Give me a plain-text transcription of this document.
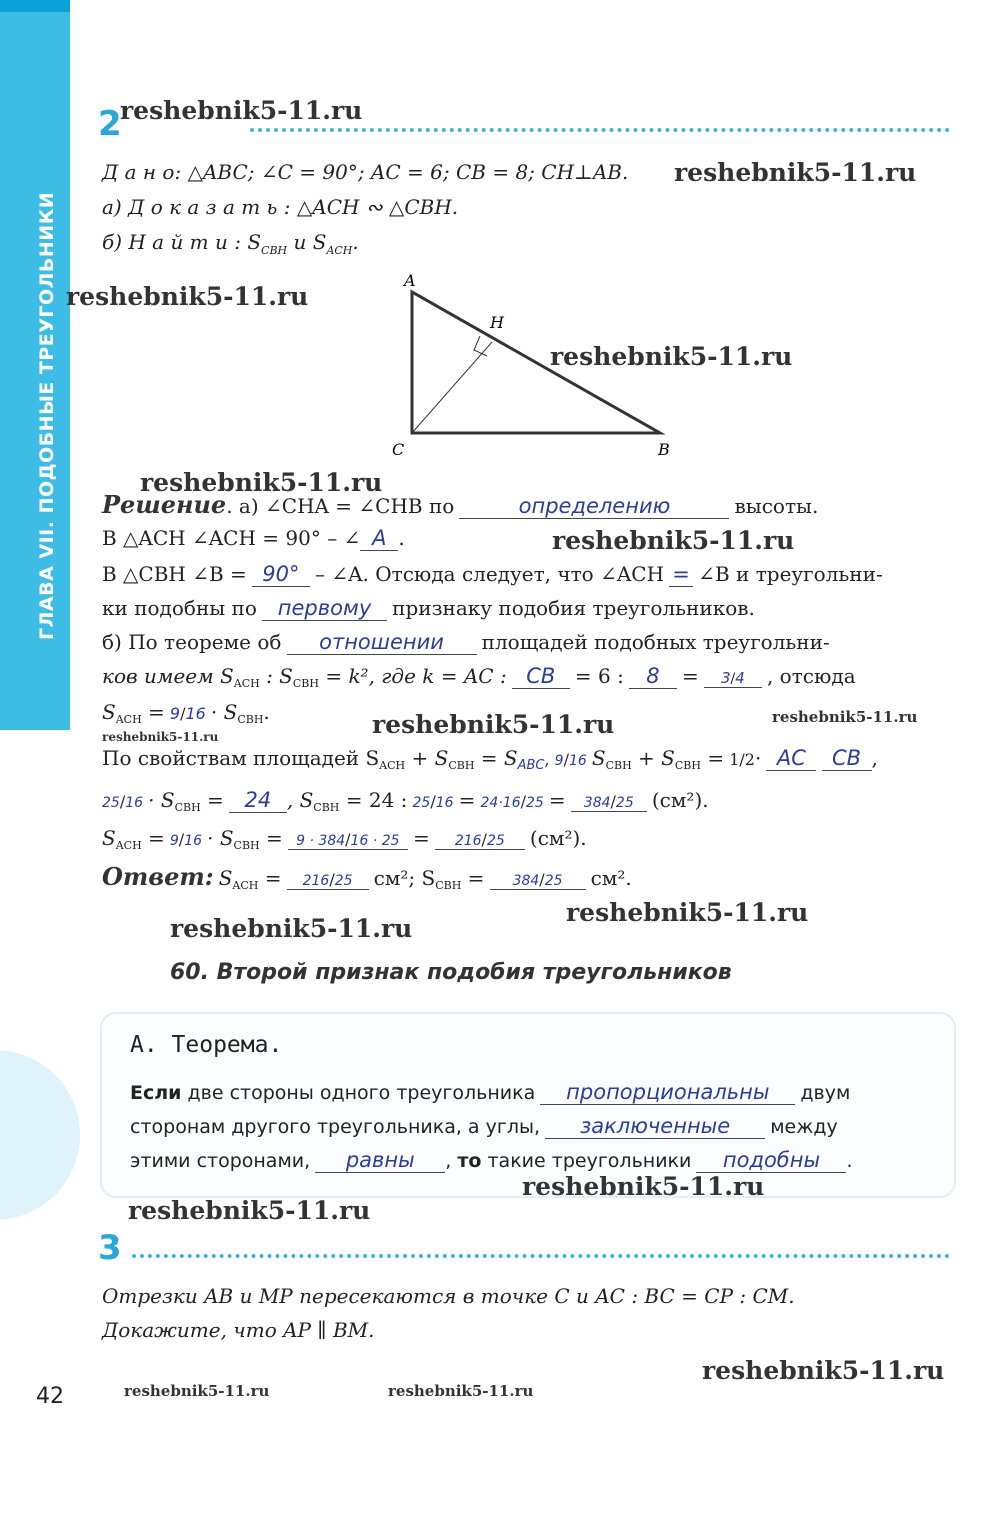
ГЛАВА VII. ПОДОБНЫЕ ТРЕУГОЛЬНИКИ
2
reshebnik5-11.ru
Д а н о: △ABC; ∠C = 90°; AC = 6; CB = 8; CH⊥AB. reshebnik5-11.ru
а) Д о к а з а т ь : △ACH ∾ △CBH.
б) Н а й т и : $S_{CBH}$ и $S_{ACH}$.
reshebnik5-11.ru
reshebnik5-11.ru
A
H
C	B
reshebnik5-11.ru
Решение. а) ∠CHA = ∠CHB по	определению	высоты.
В △ACH ∠ACH = 90° – ∠ A .	reshebnik5-11.ru
В △CBH ∠B = 90° – ∠A. Отсюда следует, что ∠ACH = ∠B и треугольни-
ки подобны по первому признаку подобия треугольников.
б) По теореме об отношении площадей подобных треугольни-
ков имеем $S_{ACH}$ : $S_{CBH} = k^2$, где k = AC : CB = 6 : 8 = 3/4 , отсюда
$S_{ACH} = 9/16 \cdot S_{CBH}$.	reshebnik5-11.ru	reshebnik5-11.ru
reshebnik5-11.ru
По свойствам площадей $S_{ACH} + S_{CBH} = S_{ABC}$, 9/16 $S_{CBH} + S_{CBH} = 1/2\cdot$ AC CB ,
$25/16 \cdot S_{CBH} = 24$ , $S_{CBH} = 24$ : 25/16 = 24·16/25 = 384/25 (см²).
$S_{ACH} = 9/16 \cdot S_{CBH} = 9 \cdot 384/16 \cdot 25 = 216/25$ (см²).
Ответ: $S_{ACH} = 216/25$ см²; $S_{CBH} = 384/25$ см².
reshebnik5-11.ru
reshebnik5-11.ru
60. Второй признак подобия треугольников
А. Теорема.
Если две стороны одного треугольника пропорциональны двум
сторонам другого треугольника, а углы, заключенные между
этими сторонами, равны , то такие треугольники подобны .
reshebnik5-11.ru
reshebnik5-11.ru
3
Отрезки AB и MP пересекаются в точке C и AC : BC = CP : CM.
Докажите, что AP ∥ BM.
reshebnik5-11.ru
42	reshebnik5-11.ru	reshebnik5-11.ru
